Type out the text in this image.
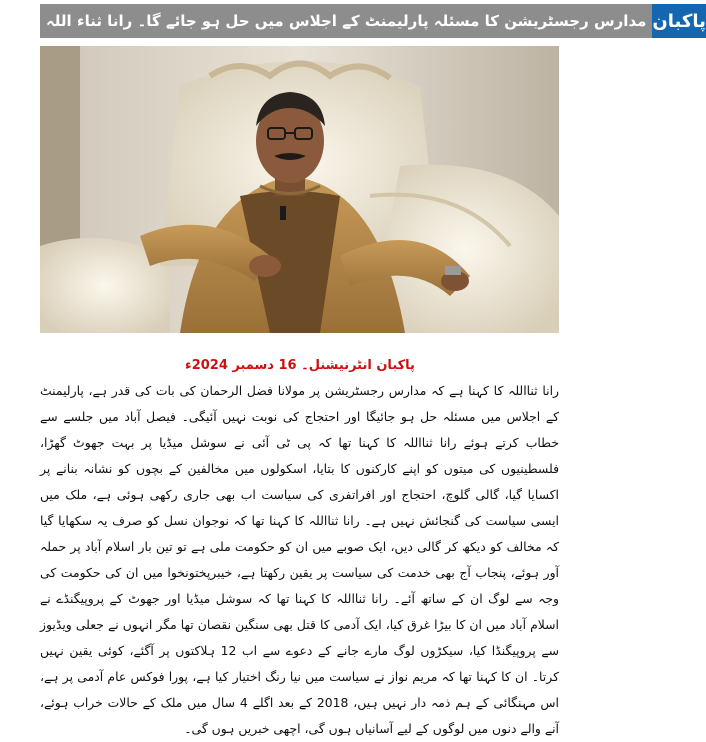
مدارس رجسٹریشن کا مسئلہ پارلیمنٹ کے اجلاس میں حل ہو جائے گا۔ رانا ثناء اللہ پاکبان
پاکبان انٹرنیشنل۔ 16 دسمبر 2024ء
رانا ثنااللہ کا کہنا ہے کہ مدارس رجسٹریشن پر مولانا فضل الرحمان کی بات کی قدر ہے، پارلیمنٹ کے اجلاس میں مسئلہ حل ہو جائیگا اور احتجاج کی نوبت نہیں آئیگی۔ فیصل آباد میں جلسے سے خطاب کرتے ہوئے رانا ثنااللہ کا کہنا تھا کہ پی ٹی آئی نے سوشل میڈیا پر بہت جھوٹ گھڑا، فلسطینیوں کی میتوں کو اپنے کارکنوں کا بتایا، اسکولوں میں مخالفین کے بچوں کو نشانہ بنانے پر اکسایا گیا، گالی گلوچ، احتجاج اور افراتفری کی سیاست اب بھی جاری رکھی ہوئی ہے، ملک میں ایسی سیاست کی گنجائش نہیں ہے۔ رانا ثنااللہ کا کہنا تھا کہ نوجوان نسل کو صرف یہ سکھایا گیا کہ مخالف کو دیکھ کر گالی دیں، ایک صوبے میں ان کو حکومت ملی ہے تو تین بار اسلام آباد پر حملہ آور ہوئے، پنجاب آج بھی خدمت کی سیاست پر یقین رکھتا ہے، خیبرپختونخوا میں ان کی حکومت کی وجہ سے لوگ ان کے ساتھ آئے۔ رانا ثنااللہ کا کہنا تھا کہ سوشل میڈیا اور جھوٹ کے پروپیگنڈے نے اسلام آباد میں ان کا بیڑا غرق کیا، ایک آدمی کا قتل بھی سنگین نقصان تھا مگر انہوں نے جعلی ویڈیوز سے پروپیگنڈا کیا، سیکڑوں لوگ مارے جانے کے دعوے سے اب 12 ہلاکتوں پر آگئے، کوئی یقین نہیں کرتا۔ ان کا کہنا تھا کہ مریم نواز نے سیاست میں نیا رنگ اختیار کیا ہے، پورا فوکس عام آدمی پر ہے، اس مہنگائی کے ہم ذمہ دار نہیں ہیں، 2018 کے بعد اگلے 4 سال میں ملک کے حالات خراب ہوئے، آنے والے دنوں میں لوگوں کے لیے آسانیاں ہوں گی، اچھی خبریں ہوں گی۔
